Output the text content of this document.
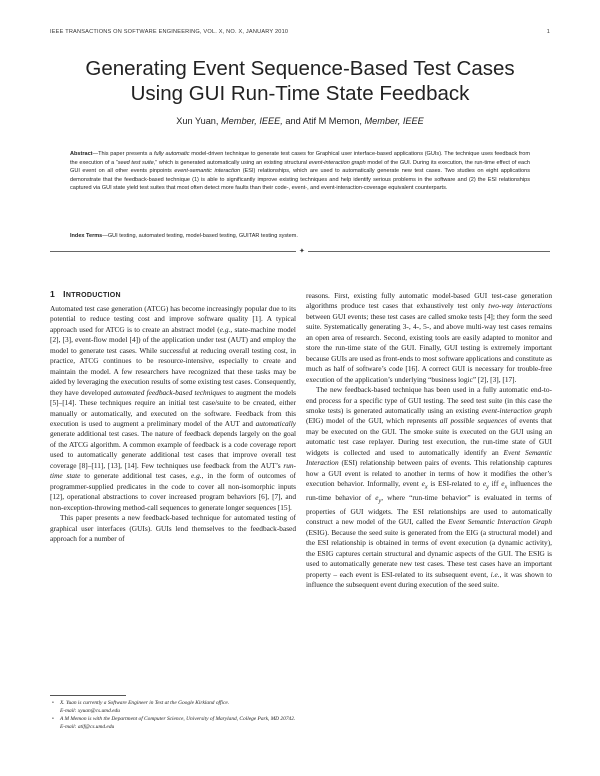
IEEE TRANSACTIONS ON SOFTWARE ENGINEERING, VOL. X, NO. X, JANUARY 2010	1
Generating Event Sequence-Based Test Cases
Using GUI Run-Time State Feedback
Xun Yuan, Member, IEEE, and Atif M Memon, Member, IEEE
Abstract—This paper presents a fully automatic model-driven technique to generate test cases for Graphical user interface-based applications (GUIs). The technique uses feedback from the execution of a “seed test suite,” which is generated automatically using an existing structural event-interaction graph model of the GUI. During its execution, the run-time effect of each GUI event on all other events pinpoints event-semantic interaction (ESI) relationships, which are used to automatically generate new test cases. Two studies on eight applications demonstrate that the feedback-based technique (1) is able to significantly improve existing techniques and help identify serious problems in the software and (2) the ESI relationships captured via GUI state yield test suites that most often detect more faults than their code-, event-, and event-interaction-coverage equivalent counterparts.
Index Terms—GUI testing, automated testing, model-based testing, GUITAR testing system.
✦
1 INTRODUCTION

Automated test case generation (ATCG) has become increasingly popular due to its potential to reduce testing cost and improve software quality [1]. A typical approach used for ATCG is to create an abstract model (e.g., state-machine model [2], [3], event-flow model [4]) of the application under test (AUT) and employ the model to generate test cases. While successful at reducing overall testing cost, in practice, ATCG continues to be resource-intensive, especially to create and maintain the model. A few researchers have recognized that these tasks may be aided by leveraging the execution results of some existing test cases. Consequently, they have developed automated feedback-based techniques to augment the models [5]–[14]. These techniques require an initial test case/suite to be created, either manually or automatically, and executed on the software. Feedback from this execution is used to augment a preliminary model of the AUT and automatically generate additional test cases. The nature of feedback depends largely on the goal of the ATCG algorithm. A common example of feedback is a code coverage report used to automatically generate additional test cases that improve overall test coverage [8]–[11], [13], [14]. Few techniques use feedback from the AUT’s run-time state to generate additional test cases, e.g., in the form of outcomes of programmer-supplied predicates in the code to cover all non-isomorphic inputs [12], operational abstractions to cover increased program behaviors [6], [7], and non-exception-throwing method-call sequences to generate longer sequences [15].

This paper presents a new feedback-based technique for automated testing of graphical user interfaces (GUIs). GUIs lend themselves to the feedback-based approach for a number of

• X. Yuan is currently a Software Engineer in Test at the Google Kirkland office.
E-mail: xyuan@cs.umd.edu
• A M Memon is with the Department of Computer Science, University of Maryland, College Park, MD 20742.
E-mail: atif@cs.umd.edu

reasons. First, existing fully automatic model-based GUI test-case generation algorithms produce test cases that exhaustively test only two-way interactions between GUI events; these test cases are called smoke tests [4]; they form the seed suite. Systematically generating 3-, 4-, 5-, and above multi-way test cases remains an open area of research. Second, existing tools are easily adapted to monitor and store the run-time state of the GUI. Finally, GUI testing is extremely important because GUIs are used as front-ends to most software applications and constitute as much as half of software’s code [16]. A correct GUI is necessary for trouble-free execution of the application’s underlying “business logic” [2], [3], [17].

The new feedback-based technique has been used in a fully automatic end-to-end process for a specific type of GUI testing. The seed test suite (in this case the smoke tests) is generated automatically using an existing event-interaction graph (EIG) model of the GUI, which represents all possible sequences of events that may be executed on the GUI. The smoke suite is executed on the GUI using an automatic test case replayer. During test execution, the run-time state of GUI widgets is collected and used to automatically identify an Event Semantic Interaction (ESI) relationship between pairs of events. This relationship captures how a GUI event is related to another in terms of how it modifies the other’s execution behavior. Informally, event $e_x$ is ESI-related to $e_y$ iff $e_x$ influences the run-time behavior of $e_y$, where “run-time behavior” is evaluated in terms of properties of GUI widgets. The ESI relationships are used to automatically construct a new model of the GUI, called the Event Semantic Interaction Graph (ESIG). Because the seed suite is generated from the EIG (a structural model) and the ESI relationship is obtained in terms of event execution (a dynamic activity), the ESIG captures certain structural and dynamic aspects of the GUI. The ESIG is used to automatically generate new test cases. These test cases have an important property – each event is ESI-related to its subsequent event, i.e., it was shown to influence the subsequent event during execution of the seed suite.
